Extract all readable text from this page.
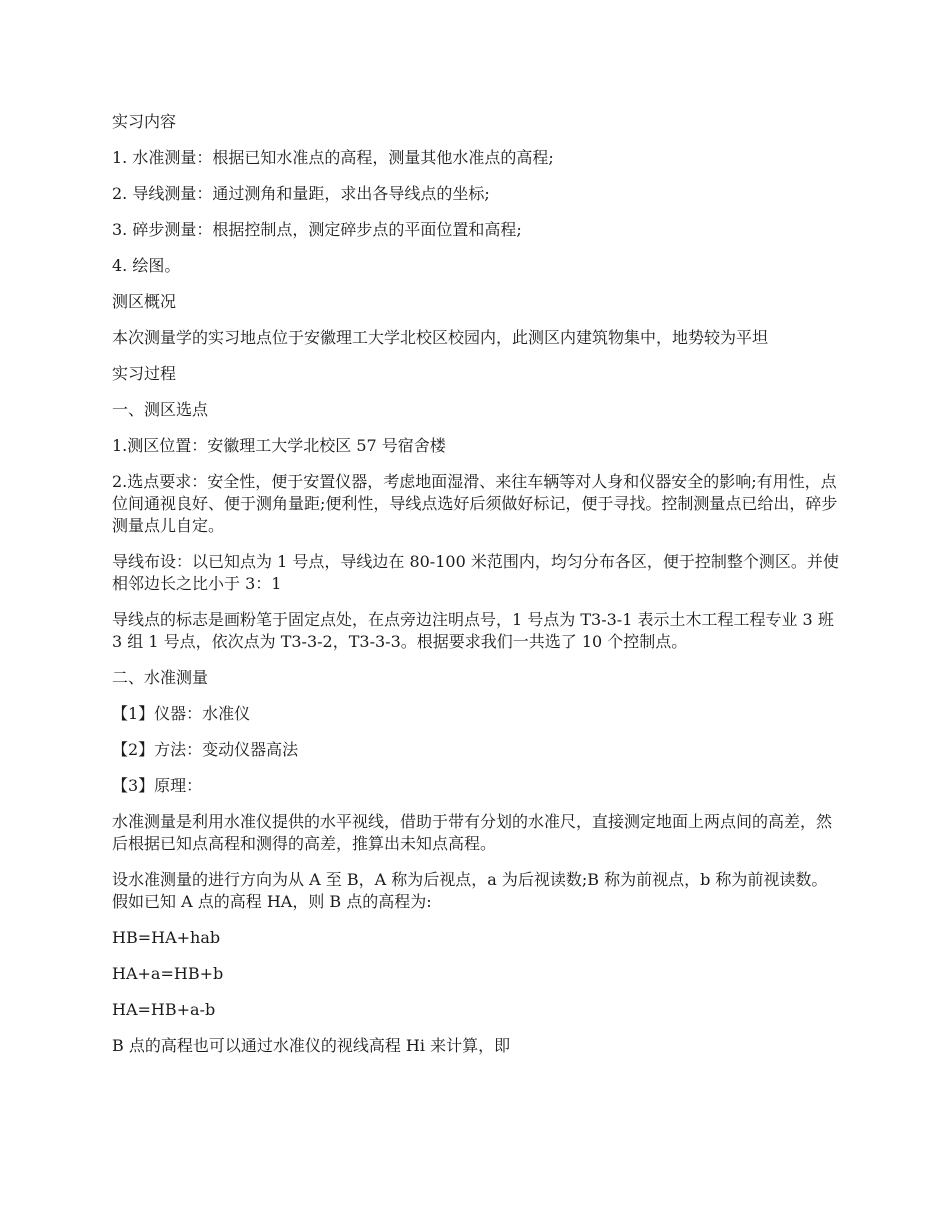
实习内容

1. 水准测量：根据已知水准点的高程，测量其他水准点的高程;

2. 导线测量：通过测角和量距，求出各导线点的坐标;

3. 碎步测量：根据控制点，测定碎步点的平面位置和高程;

4. 绘图。

测区概况

本次测量学的实习地点位于安徽理工大学北校区校园内，此测区内建筑物集中，地势较为平坦

实习过程

一、测区选点

1.测区位置：安徽理工大学北校区 57 号宿舍楼

2.选点要求：安全性，便于安置仪器，考虑地面湿滑、来往车辆等对人身和仪器安全的影响;有用性，点位间通视良好、便于测角量距;便利性，导线点选好后须做好标记，便于寻找。控制测量点已给出，碎步测量点儿自定。

导线布设：以已知点为 1 号点，导线边在 80-100 米范围内，均匀分布各区，便于控制整个测区。并使相邻边长之比小于 3：1

导线点的标志是画粉笔于固定点处，在点旁边注明点号，1 号点为 T3-3-1 表示土木工程工程专业 3 班 3 组 1 号点，依次点为 T3-3-2，T3-3-3。根据要求我们一共选了 10 个控制点。

二、水准测量

【1】仪器：水准仪

【2】方法：变动仪器高法

【3】原理：

水准测量是利用水准仪提供的水平视线，借助于带有分划的水准尺，直接测定地面上两点间的高差，然后根据已知点高程和测得的高差，推算出未知点高程。

设水准测量的进行方向为从 A 至 B，A 称为后视点，a 为后视读数;B 称为前视点，b 称为前视读数。假如已知 A 点的高程 HA，则 B 点的高程为:

HB=HA+hab

HA+a=HB+b

HA=HB+a-b

B 点的高程也可以通过水准仪的视线高程 Hi 来计算，即
